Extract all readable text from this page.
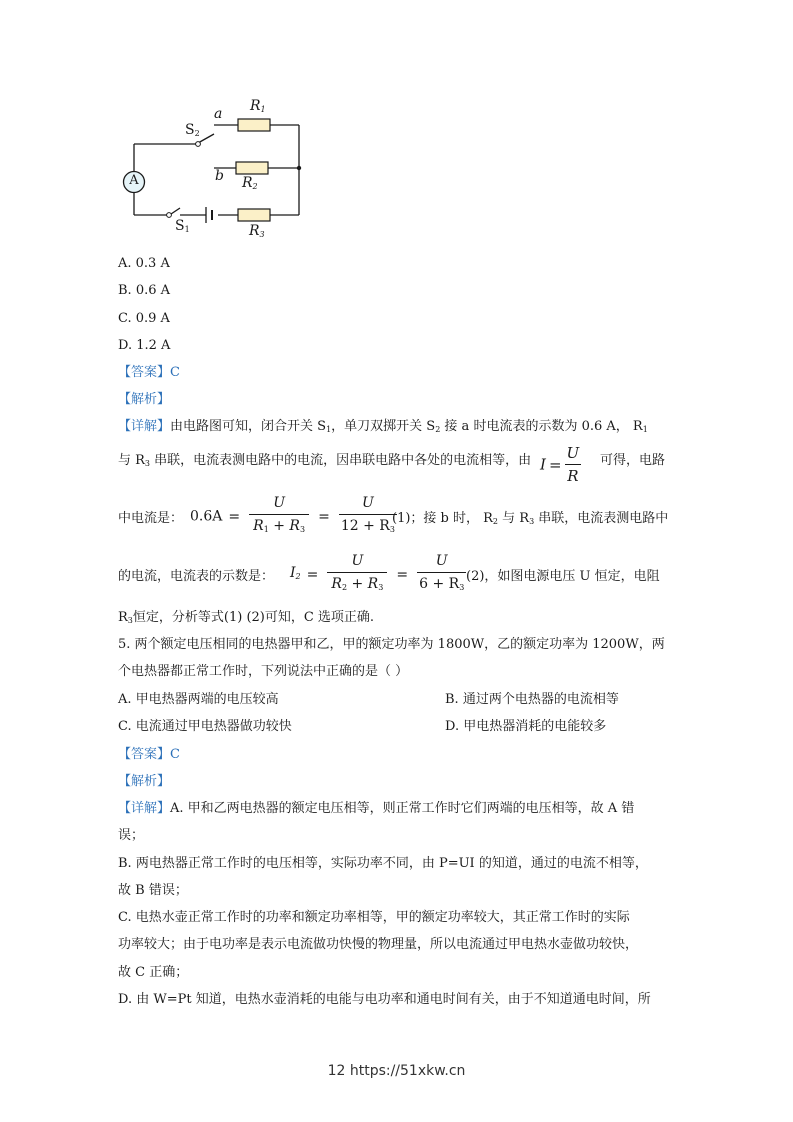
a $R_1$
$S_2$
b $R_2$
A
$S_1$	$R_3$
A. 0.3 A
B. 0.6 A
C. 0.9 A
D. 1.2 A
【答案】C
【解析】
【详解】由电路图可知，闭合开关 $S_1$，单刀双掷开关 $S_2$ 接 a 时电流表的示数为 0.6 A， $R_1$
与 $R_3$ 串联，电流表测电路中的电流，因串联电路中各处的电流相等，由 $I = \frac{U}{R}$ 可得，电路
中电流是： $0.6A = \frac{U}{R_1 + R_3} = \frac{U}{12 + R_3}$
(1)；接 b 时， $R_2$ 与 $R_3$ 串联，电流表测电路中
的电流，电流表的示数是： $I_2 = \frac{U}{R_2 + R_3} = \frac{U}{6 + R_3} (2)$，如图电源电压 U 恒定，电阻
$R_3$恒定，分析等式(1) (2)可知，C 选项正确.
5. 两个额定电压相同的电热器甲和乙，甲的额定功率为 1800W，乙的额定功率为 1200W，两
个电热器都正常工作时，下列说法中正确的是（ ）
A. 甲电热器两端的电压较高	B. 通过两个电热器的电流相等
C. 电流通过甲电热器做功较快	D. 甲电热器消耗的电能较多
【答案】C
【解析】
【详解】A. 甲和乙两电热器的额定电压相等，则正常工作时它们两端的电压相等，故 A 错
误；
B. 两电热器正常工作时的电压相等，实际功率不同，由 P=UI 的知道，通过的电流不相等，
故 B 错误；
C. 电热水壶正常工作时的功率和额定功率相等，甲的额定功率较大，其正常工作时的实际
功率较大；由于电功率是表示电流做功快慢的物理量，所以电流通过甲电热水壶做功较快，
故 C 正确；
D. 由 W=Pt 知道，电热水壶消耗的电能与电功率和通电时间有关，由于不知道通电时间，所
12 https://51xkw.cn
